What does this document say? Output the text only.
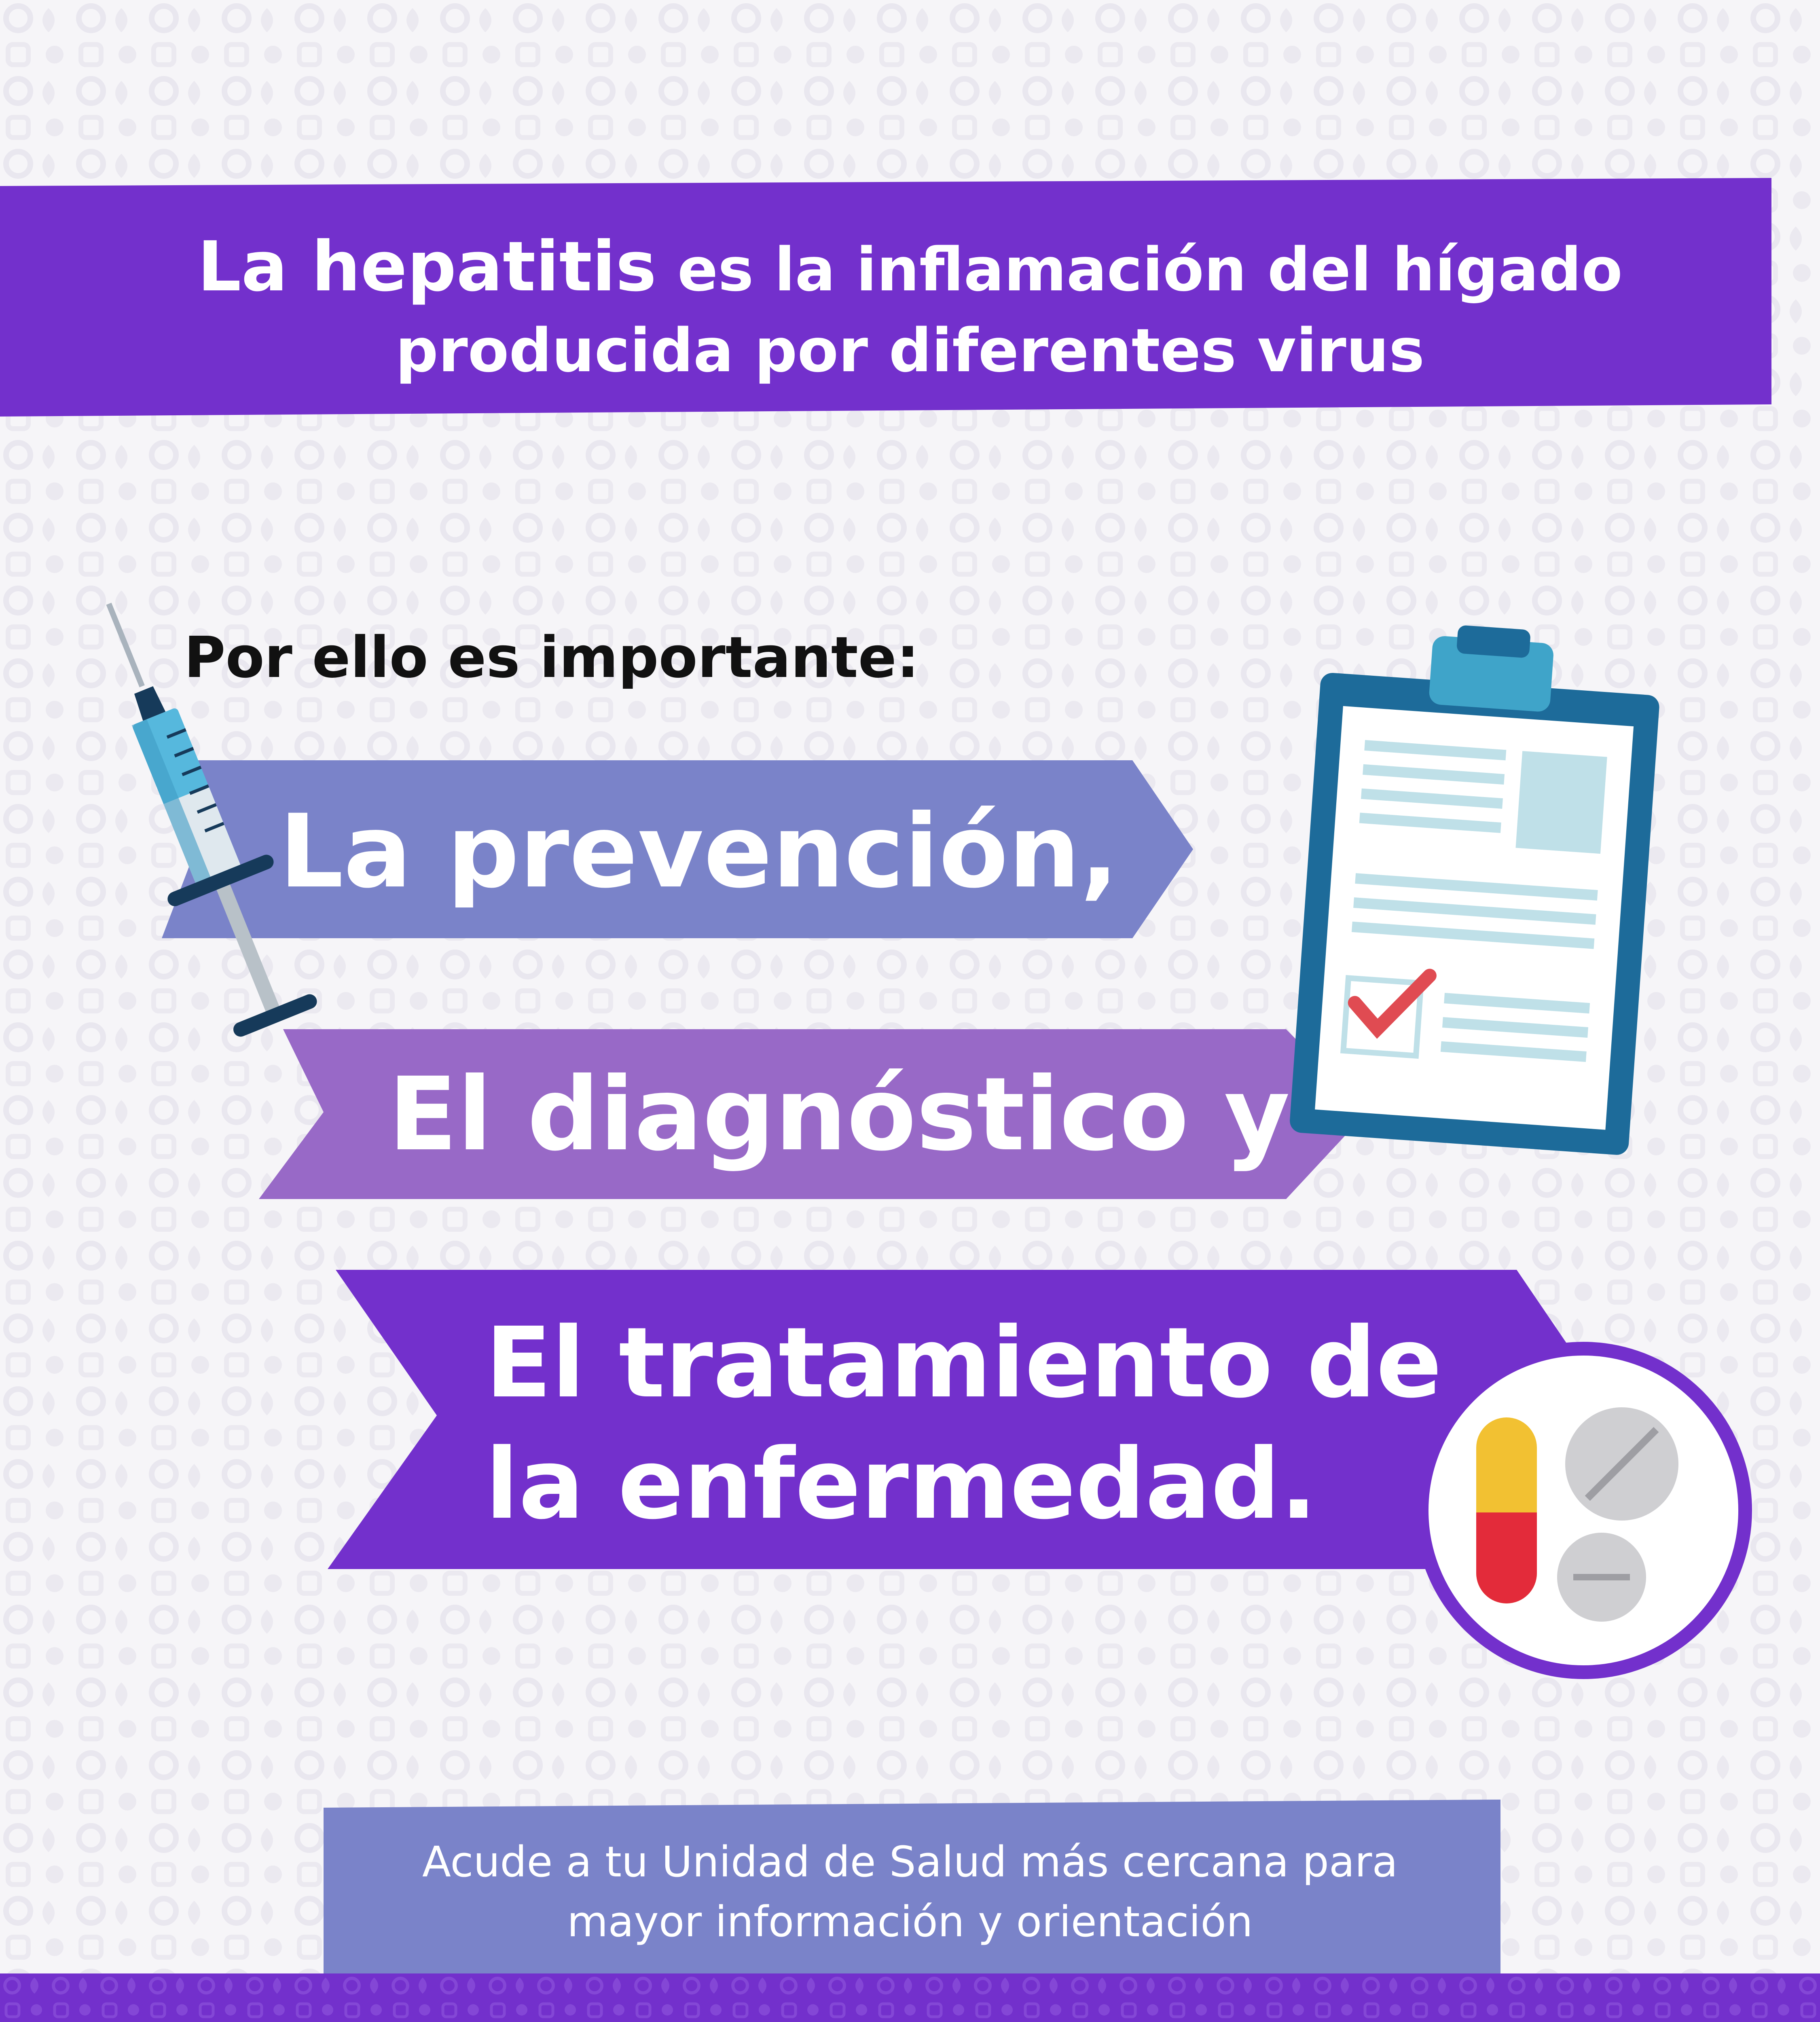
La hepatitis es la inflamación del hígado
producida por diferentes virus
Por ello es importante:
La prevención,
El diagnóstico y
El tratamiento de
la enfermedad.
Acude a tu Unidad de Salud más cercana para
mayor información y orientación
